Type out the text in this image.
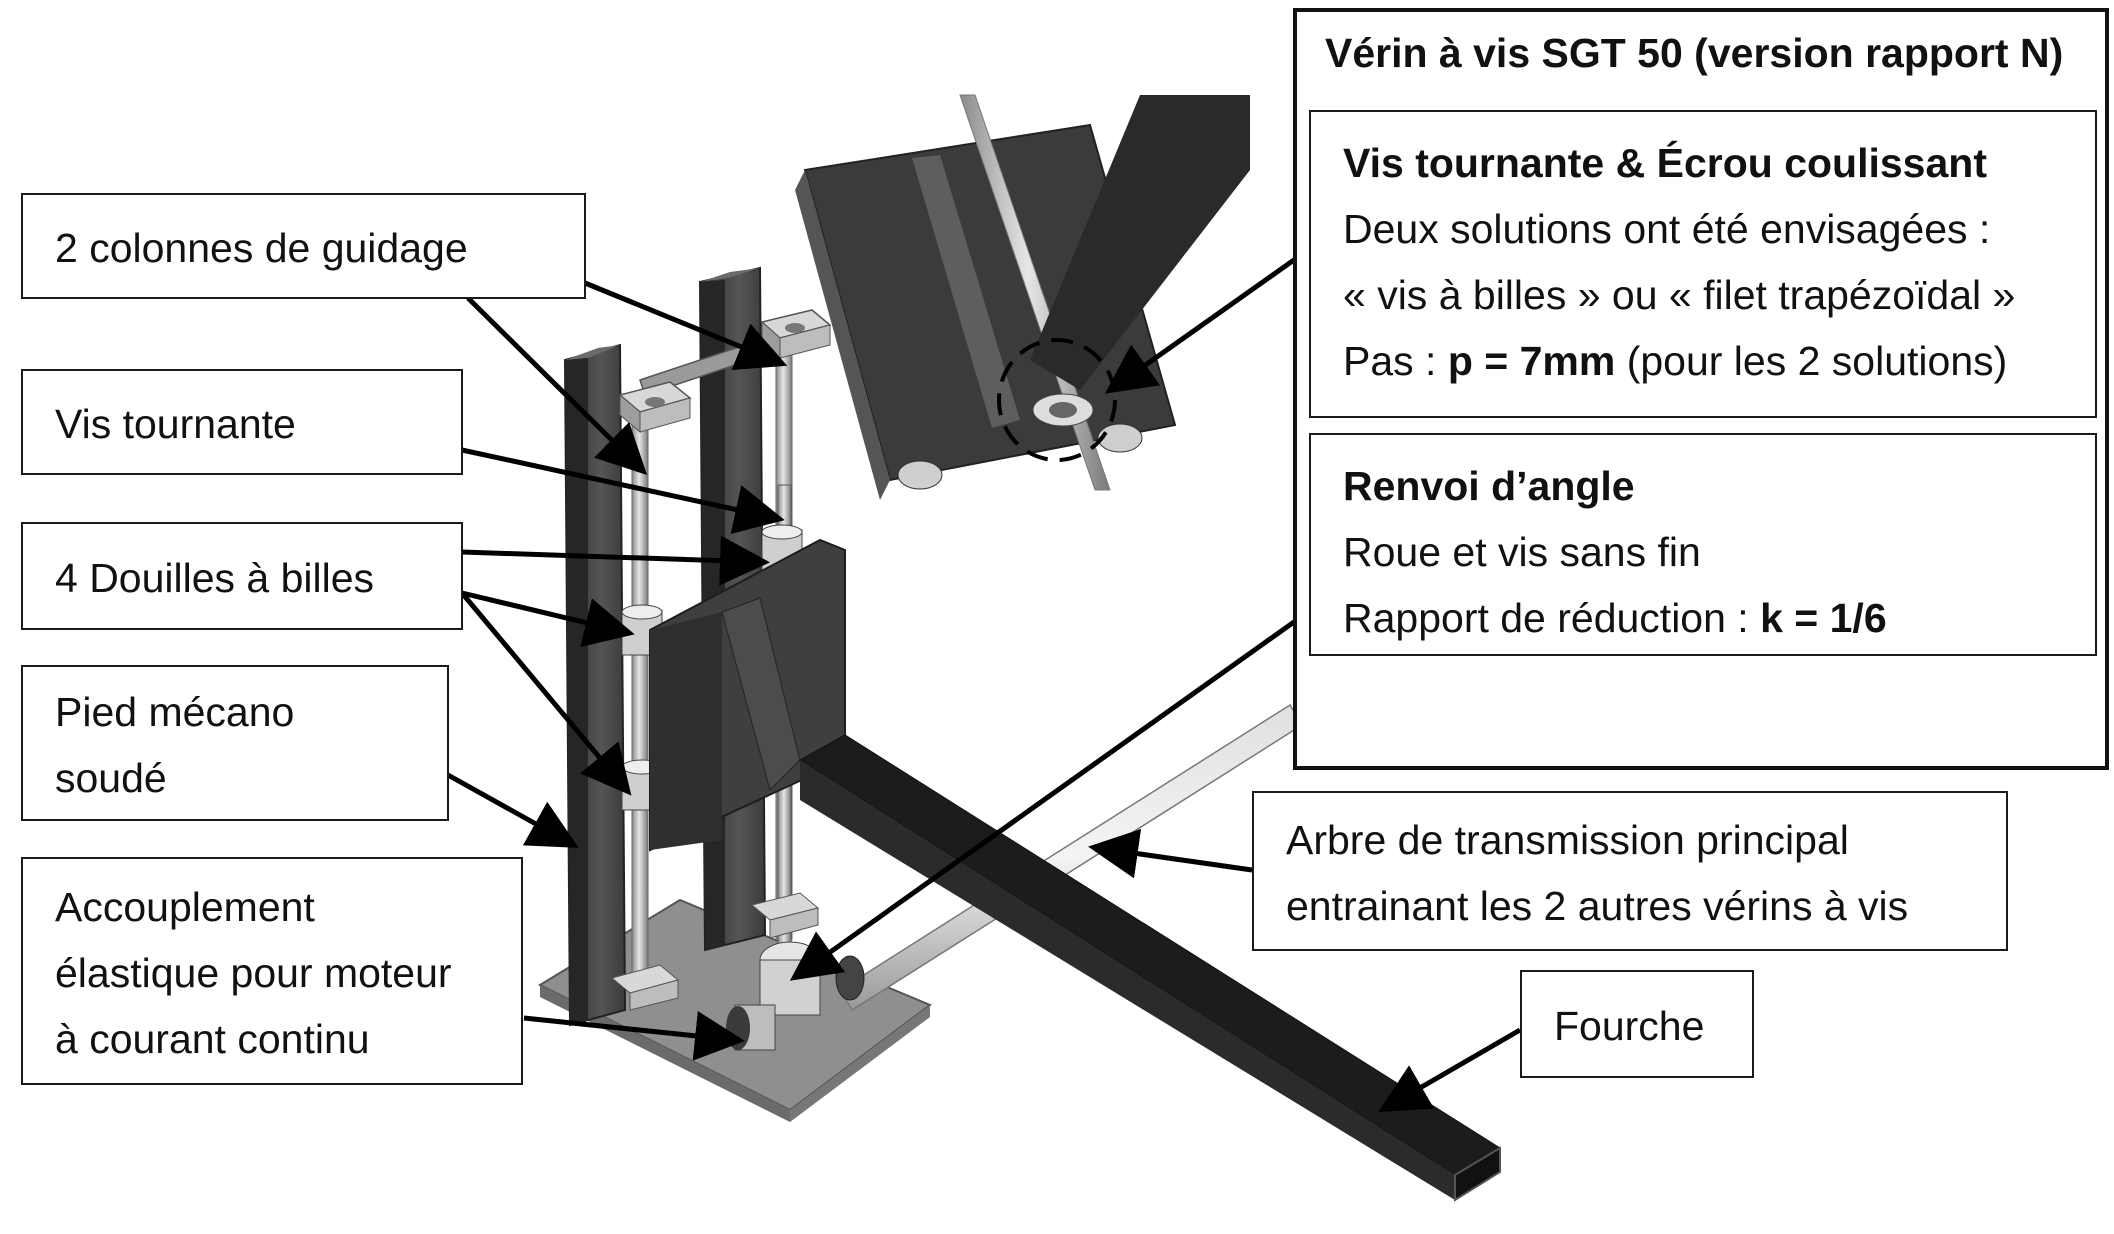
2 colonnes de guidage
Vis tournante
4 Douilles à billes
Pied mécano
soudé
Accouplement
élastique pour moteur
à courant continu
Arbre de transmission principal
entrainant les 2 autres vérins à vis
Fourche
Vérin à vis SGT 50 (version rapport N)
Vis tournante & Écrou coulissant
Deux solutions ont été envisagées :
« vis à billes » ou « filet trapézoïdal »
Pas : p = 7mm (pour les 2 solutions)
Renvoi d’angle
Roue et vis sans fin
Rapport de réduction : k = 1/6
